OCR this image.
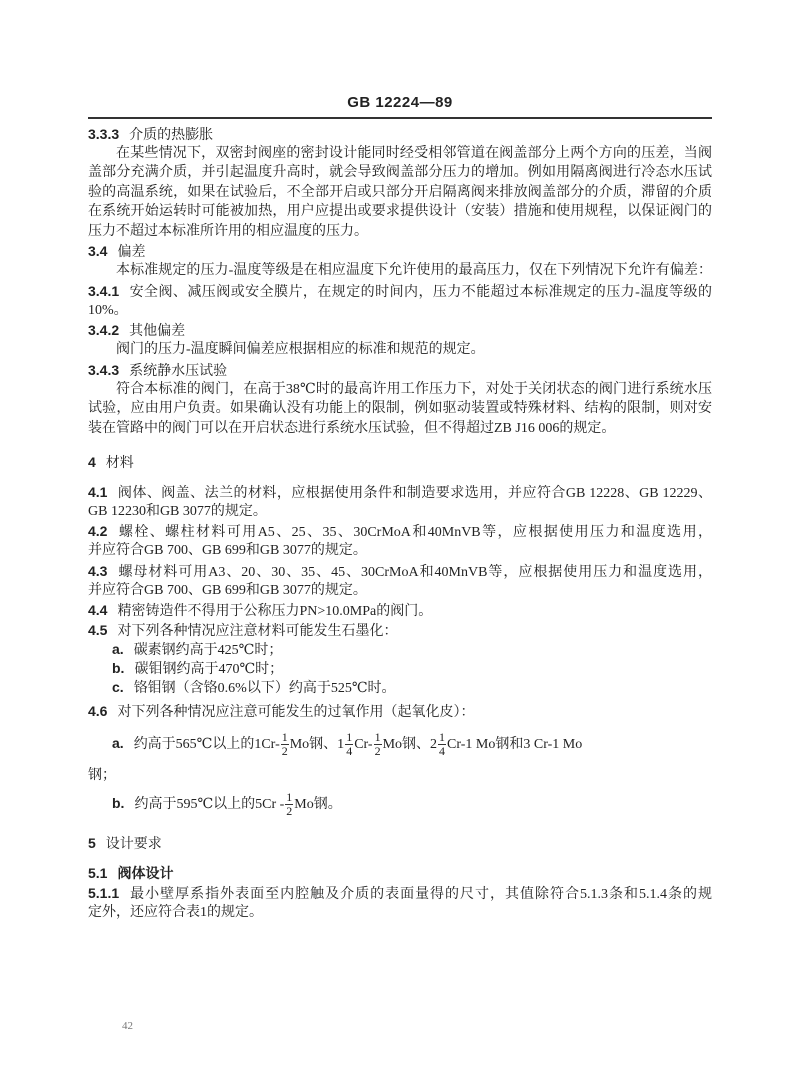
GB 12224—89
3.3.3 介质的热膨胀
在某些情况下，双密封阀座的密封设计能同时经受相邻管道在阀盖部分上两个方向的压差，当阀
盖部分充满介质，并引起温度升高时，就会导致阀盖部分压力的增加。例如用隔离阀进行冷态水压试
验的高温系统，如果在试验后，不全部开启或只部分开启隔离阀来排放阀盖部分的介质，滞留的介质
在系统开始运转时可能被加热，用户应提出或要求提供设计（安装）措施和使用规程，以保证阀门的
压力不超过本标准所许用的相应温度的压力。
3.4 偏差
本标准规定的压力-温度等级是在相应温度下允许使用的最高压力，仅在下列情况下允许有偏差：
3.4.1 安全阀、减压阀或安全膜片，在规定的时间内，压力不能超过本标准规定的压力-温度等级的
10%。
3.4.2 其他偏差
阀门的压力-温度瞬间偏差应根据相应的标准和规范的规定。
3.4.3 系统静水压试验
符合本标准的阀门，在高于38℃时的最高许用工作压力下，对处于关闭状态的阀门进行系统水压
试验，应由用户负责。如果确认没有功能上的限制，例如驱动装置或特殊材料、结构的限制，则对安
装在管路中的阀门可以在开启状态进行系统水压试验，但不得超过ZB J16 006的规定。
4 材料
4.1 阀体、阀盖、法兰的材料，应根据使用条件和制造要求选用，并应符合GB 12228、GB 12229、
GB 12230和GB 3077的规定。
4.2 螺栓、螺柱材料可用A5、25、35、30CrMoA和40MnVB等，应根据使用压力和温度选用，
并应符合GB 700、GB 699和GB 3077的规定。
4.3 螺母材料可用A3、20、30、35、45、30CrMoA和40MnVB等，应根据使用压力和温度选用，
并应符合GB 700、GB 699和GB 3077的规定。
4.4 精密铸造件不得用于公称压力PN>10.0MPa的阀门。
4.5 对下列各种情况应注意材料可能发生石墨化：
a. 碳素钢约高于425℃时；
b. 碳钼钢约高于470℃时；
c. 铬钼钢（含铬0.6%以下）约高于525℃时。
4.6 对下列各种情况应注意可能发生的过氧作用（起氧化皮）：
a. 约高于565℃以上的$1Cr- \frac{1}{2}$ Mo钢、$1 \frac{1}{4} Cr- \frac{1}{2}$ Mo钢、$2 \frac{1}{4} Cr-1$ Mo钢和3 Cr-1 Mo
钢；
b. 约高于595℃以上的$5Cr - \frac{1}{2}$ Mo钢。
5 设计要求
5.1 阀体设计
5.1.1 最小壁厚系指外表面至内腔触及介质的表面量得的尺寸，其值除符合5.1.3条和5.1.4条的规
定外，还应符合表1的规定。
42
